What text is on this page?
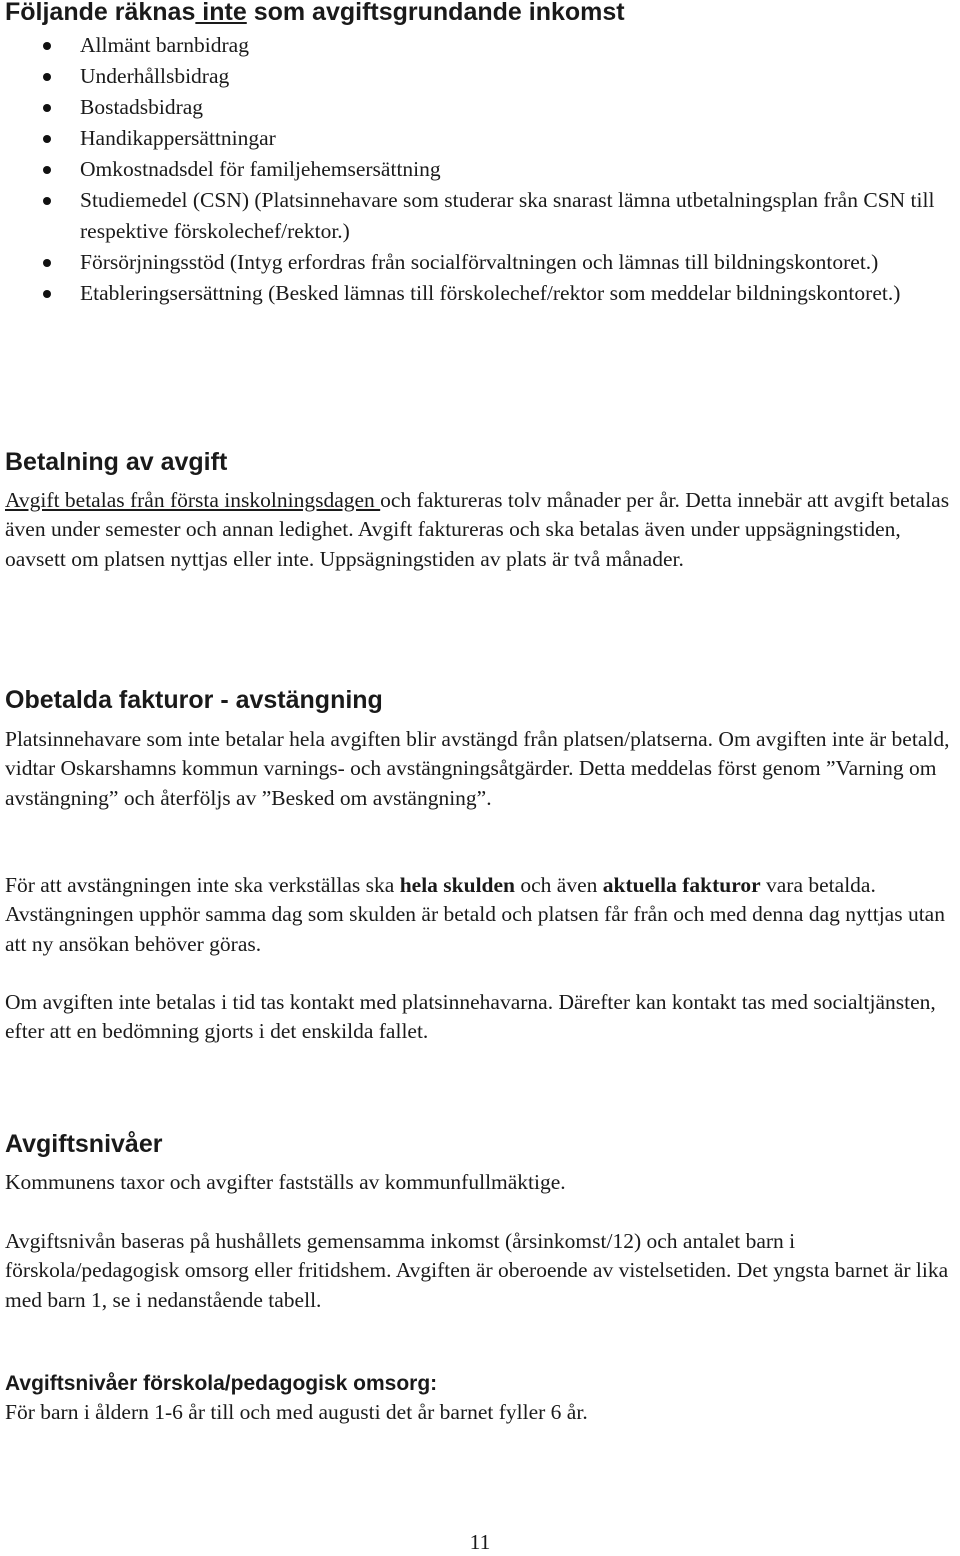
Följande räknas inte som avgiftsgrundande inkomst
Allmänt barnbidrag
Underhållsbidrag
Bostadsbidrag
Handikappersättningar
Omkostnadsdel för familjehemsersättning
Studiemedel (CSN) (Platsinnehavare som studerar ska snarast lämna utbetalningsplan från CSN till respektive förskolechef/rektor.)
Försörjningsstöd (Intyg erfordras från socialförvaltningen och lämnas till bildningskontoret.)
Etableringsersättning (Besked lämnas till förskolechef/rektor som meddelar bildningskontoret.)
Betalning av avgift

Avgift betalas från första inskolningsdagen och faktureras tolv månader per år. Detta innebär att avgift betalas även under semester och annan ledighet. Avgift faktureras och ska betalas även under uppsägningstiden, oavsett om platsen nyttjas eller inte. Uppsägningstiden av plats är två månader.

Obetalda fakturor - avstängning

Platsinnehavare som inte betalar hela avgiften blir avstängd från platsen/platserna. Om avgiften inte är betald, vidtar Oskarshamns kommun varnings- och avstängningsåtgärder. Detta meddelas först genom ”Varning om avstängning” och återföljs av ”Besked om avstängning”.

För att avstängningen inte ska verkställas ska hela skulden och även aktuella fakturor vara betalda. Avstängningen upphör samma dag som skulden är betald och platsen får från och med denna dag nyttjas utan att ny ansökan behöver göras.

Om avgiften inte betalas i tid tas kontakt med platsinnehavarna. Därefter kan kontakt tas med socialtjänsten, efter att en bedömning gjorts i det enskilda fallet.

Avgiftsnivåer

Kommunens taxor och avgifter fastställs av kommunfullmäktige.

Avgiftsnivån baseras på hushållets gemensamma inkomst (årsinkomst/12) och antalet barn i förskola/pedagogisk omsorg eller fritidshem. Avgiften är oberoende av vistelsetiden. Det yngsta barnet är lika med barn 1, se i nedanstående tabell.

Avgiftsnivåer förskola/pedagogisk omsorg:

För barn i åldern 1-6 år till och med augusti det år barnet fyller 6 år.

11
